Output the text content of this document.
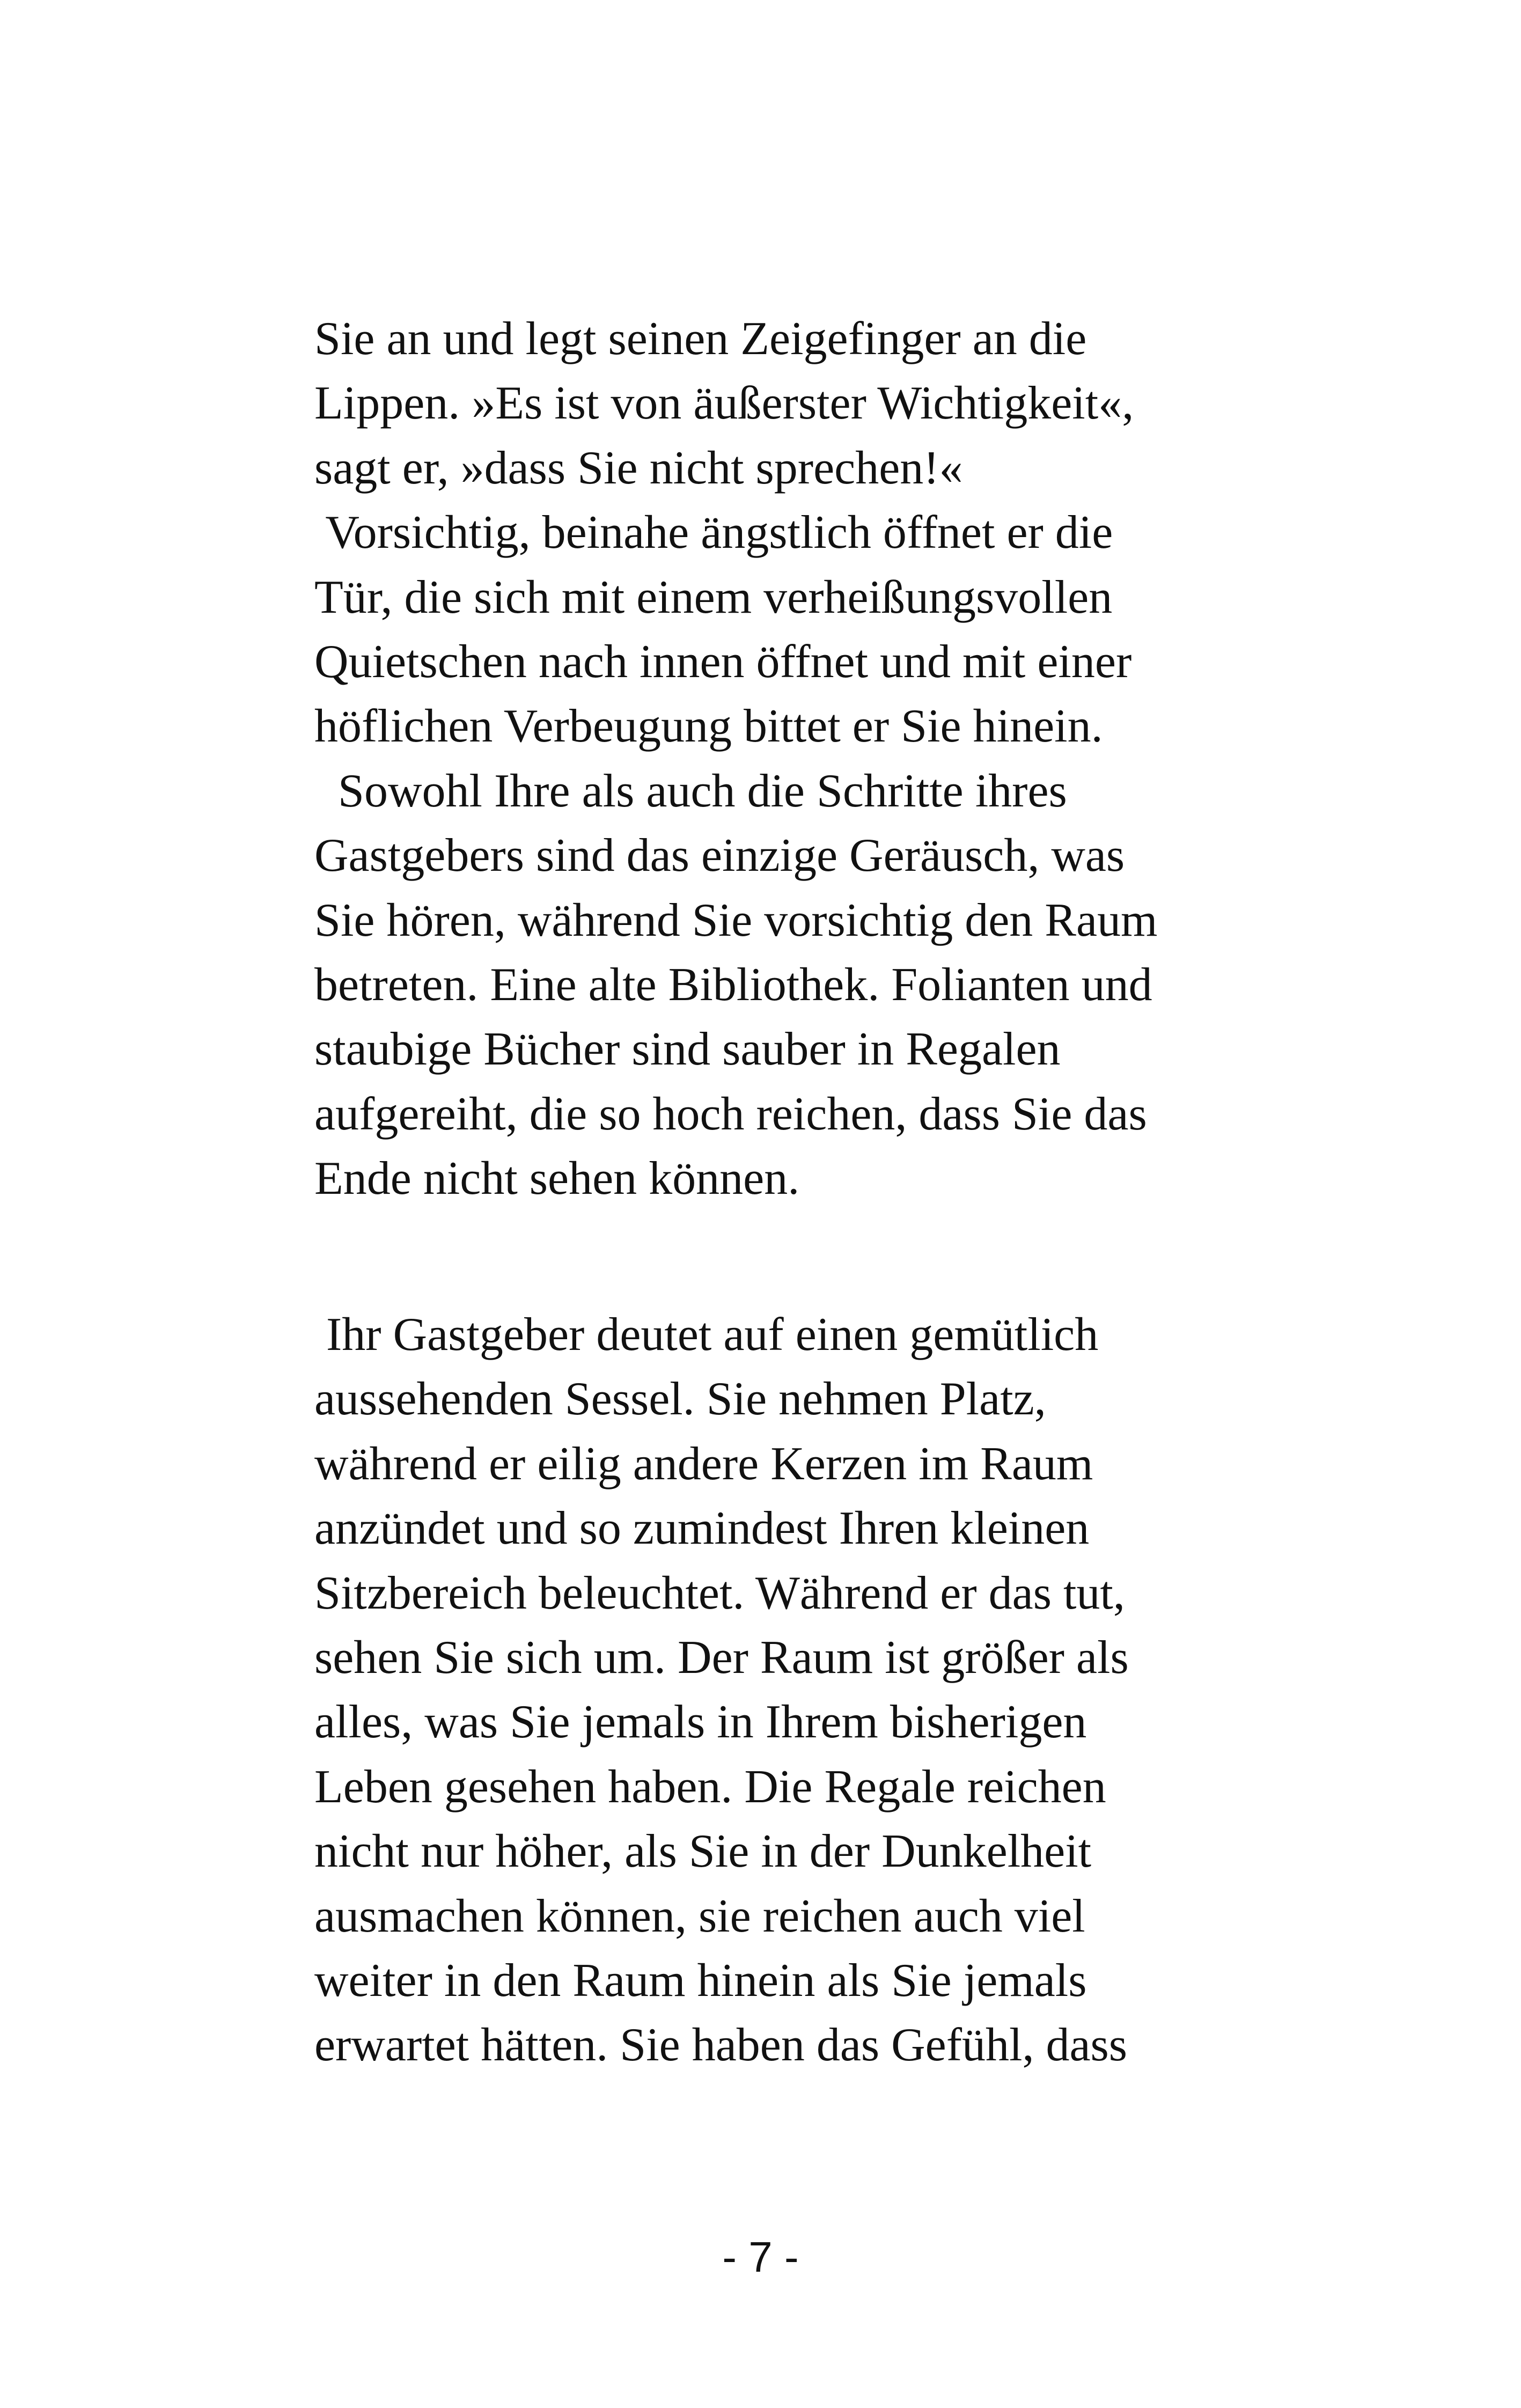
Sie an und legt seinen Zeigefinger an die
Lippen. »Es ist von äußerster Wichtigkeit«,
sagt er, »dass Sie nicht sprechen!«
Vorsichtig, beinahe ängstlich öffnet er die
Tür, die sich mit einem verheißungsvollen
Quietschen nach innen öffnet und mit einer
höflichen Verbeugung bittet er Sie hinein.
Sowohl Ihre als auch die Schritte ihres
Gastgebers sind das einzige Geräusch, was
Sie hören, während Sie vorsichtig den Raum
betreten. Eine alte Bibliothek. Folianten und
staubige Bücher sind sauber in Regalen
aufgereiht, die so hoch reichen, dass Sie das
Ende nicht sehen können.
Ihr Gastgeber deutet auf einen gemütlich
aussehenden Sessel. Sie nehmen Platz,
während er eilig andere Kerzen im Raum
anzündet und so zumindest Ihren kleinen
Sitzbereich beleuchtet. Während er das tut,
sehen Sie sich um. Der Raum ist größer als
alles, was Sie jemals in Ihrem bisherigen
Leben gesehen haben. Die Regale reichen
nicht nur höher, als Sie in der Dunkelheit
ausmachen können, sie reichen auch viel
weiter in den Raum hinein als Sie jemals
erwartet hätten. Sie haben das Gefühl, dass
- 7 -
